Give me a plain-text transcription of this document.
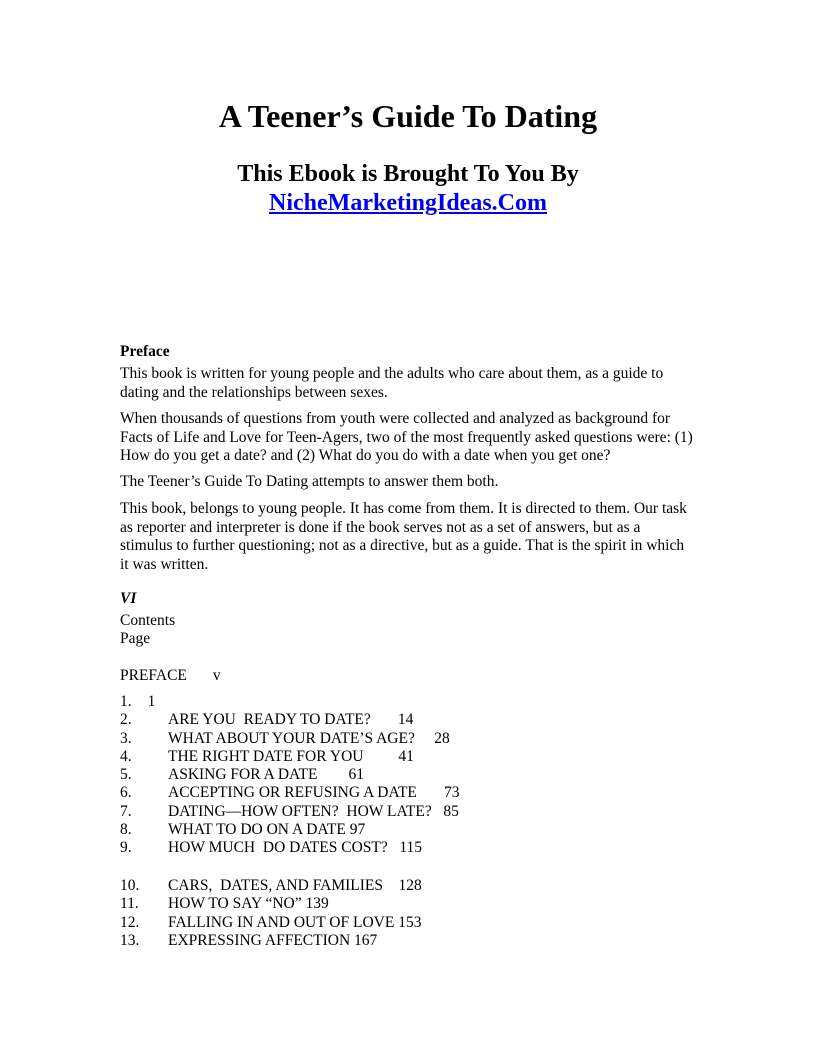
A Teener’s Guide To Dating
This Ebook is Brought To You By
NicheMarketingIdeas.Com
Preface

This book is written for young people and the adults who care about them, as a guide to dating and the relationships between sexes.

When thousands of questions from youth were collected and analyzed as background for Facts of Life and Love for Teen-Agers, two of the most frequently asked questions were: (1) How do you get a date? and (2) What do you do with a date when you get one?

The Teener’s Guide To Dating attempts to answer them both.

This book, belongs to young people. It has come from them. It is directed to them. Our task as reporter and interpreter is done if the book serves not as a set of answers, but as a stimulus to further questioning; not as a directive, but as a guide. That is the spirit in which it was written.

VI
Contents
Page
PREFACE v
1. 1
2. ARE YOU  READY TO DATE? 14
3. WHAT ABOUT YOUR DATE’S AGE? 28
4. THE RIGHT DATE FOR YOU 41
5. ASKING FOR A DATE 61
6. ACCEPTING OR REFUSING A DATE 73
7. DATING—HOW OFTEN?  HOW LATE? 85
8. WHAT TO DO ON A DATE 97
9. HOW MUCH  DO DATES COST? 115
10. CARS,  DATES, AND FAMILIES 128
11. HOW TO SAY “NO” 139
12. FALLING IN AND OUT OF LOVE 153
13. EXPRESSING AFFECTION 167
